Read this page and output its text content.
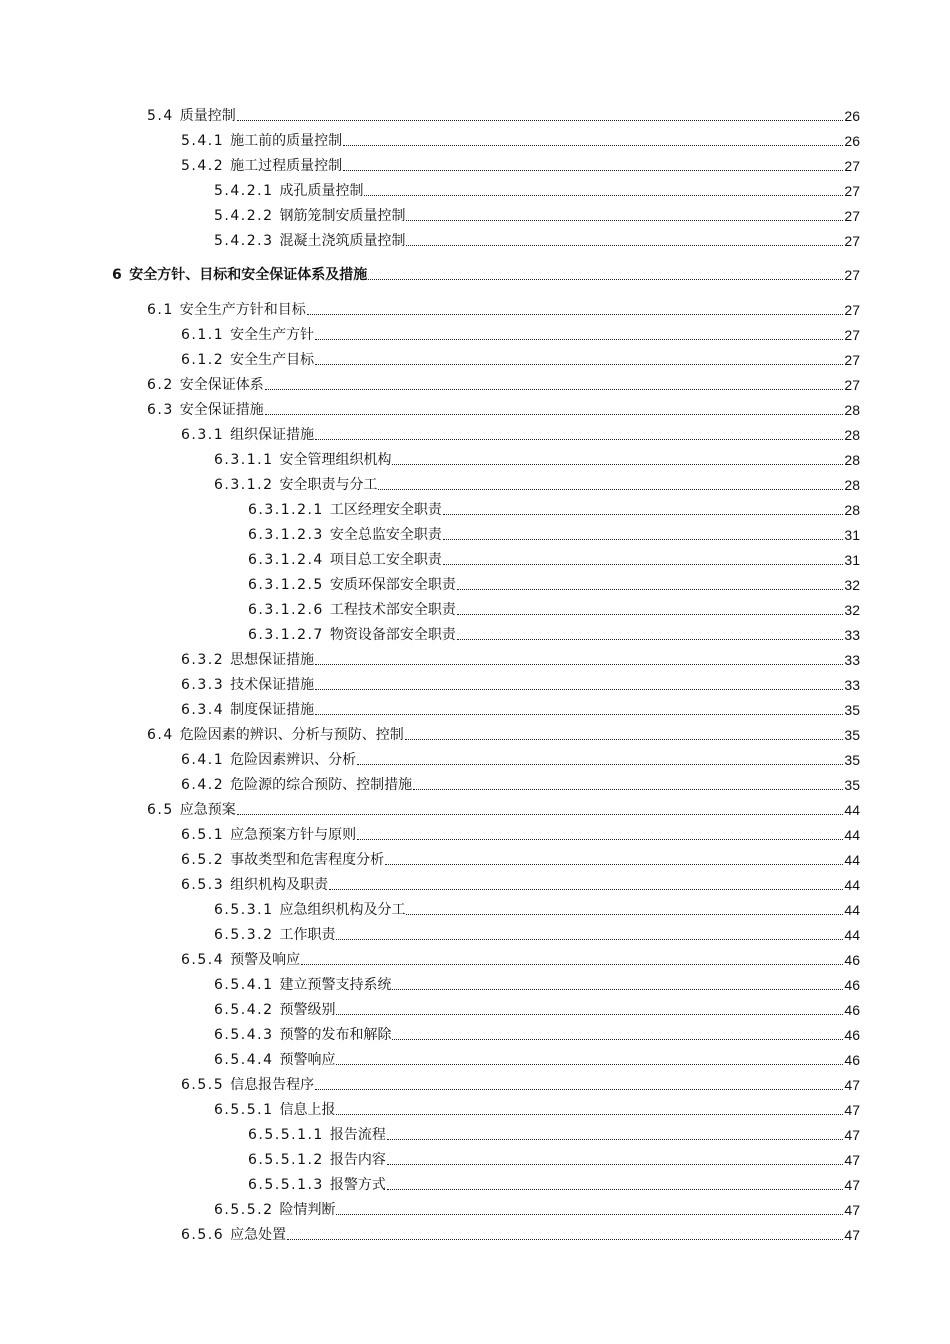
5.4 质量控制	26
5.4.1 施工前的质量控制	26
5.4.2 施工过程质量控制	27
5.4.2.1 成孔质量控制	27
5.4.2.2 钢筋笼制安质量控制	27
5.4.2.3 混凝土浇筑质量控制	27
6 安全方针、目标和安全保证体系及措施	27
6.1 安全生产方针和目标	27
6.1.1 安全生产方针	27
6.1.2 安全生产目标	27
6.2 安全保证体系	27
6.3 安全保证措施	28
6.3.1 组织保证措施	28
6.3.1.1 安全管理组织机构	28
6.3.1.2 安全职责与分工	28
6.3.1.2.1 工区经理安全职责	28
6.3.1.2.3 安全总监安全职责	31
6.3.1.2.4 项目总工安全职责	31
6.3.1.2.5 安质环保部安全职责	32
6.3.1.2.6 工程技术部安全职责	32
6.3.1.2.7 物资设备部安全职责	33
6.3.2 思想保证措施	33
6.3.3 技术保证措施	33
6.3.4 制度保证措施	35
6.4 危险因素的辨识、分析与预防、控制	35
6.4.1 危险因素辨识、分析	35
6.4.2 危险源的综合预防、控制措施	35
6.5 应急预案	44
6.5.1 应急预案方针与原则	44
6.5.2 事故类型和危害程度分析	44
6.5.3 组织机构及职责	44
6.5.3.1 应急组织机构及分工	44
6.5.3.2 工作职责	44
6.5.4 预警及响应	46
6.5.4.1 建立预警支持系统	46
6.5.4.2 预警级别	46
6.5.4.3 预警的发布和解除	46
6.5.4.4 预警响应	46
6.5.5 信息报告程序	47
6.5.5.1 信息上报	47
6.5.5.1.1 报告流程	47
6.5.5.1.2 报告内容	47
6.5.5.1.3 报警方式	47
6.5.5.2 险情判断	47
6.5.6 应急处置	47
